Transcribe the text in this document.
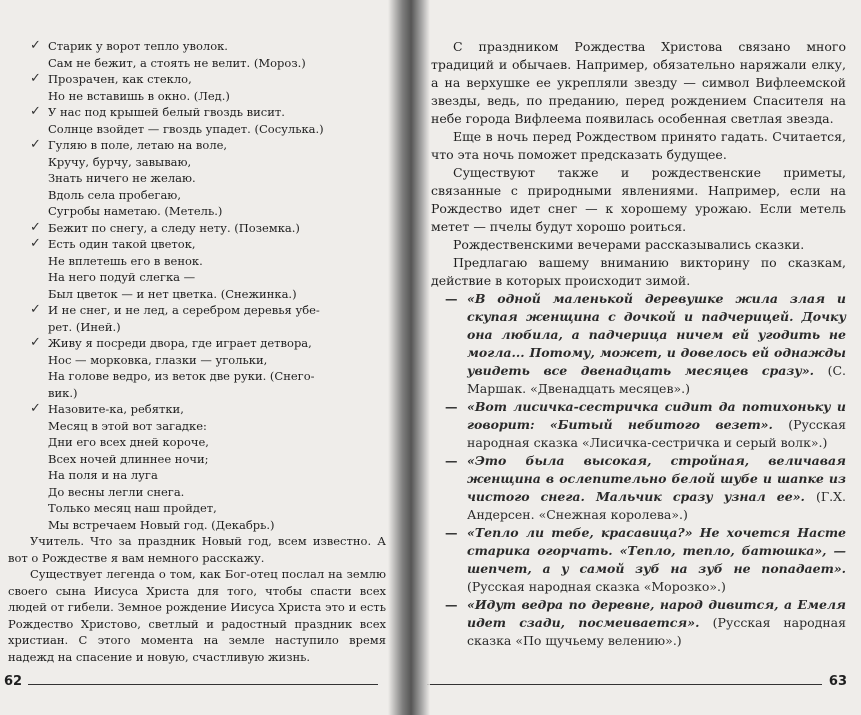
✓ Старик у ворот тепло уволок.
Сам не бежит, а стоять не велит. (Мороз.)
✓ Прозрачен, как стекло,
Но не вставишь в окно. (Лед.)
✓ У нас под крышей белый гвоздь висит.
Солнце взойдет — гвоздь упадет. (Сосулька.)
✓ Гуляю в поле, летаю на воле,
Кручу, бурчу, завываю,
Знать ничего не желаю.
Вдоль села пробегаю,
Сугробы наметаю. (Метель.)
✓ Бежит по снегу, а следу нету. (Поземка.)
✓ Есть один такой цветок,
Не вплетешь его в венок.
На него подуй слегка —
Был цветок — и нет цветка. (Снежинка.)
✓ И не снег, и не лед, а серебром деревья убе-
рет. (Иней.)
✓ Живу я посреди двора, где играет детвора,
Нос — морковка, глазки — угольки,
На голове ведро, из веток две руки. (Снего-
вик.)
✓ Назовите-ка, ребятки,
Месяц в этой вот загадке:
Дни его всех дней короче,
Всех ночей длиннее ночи;
На поля и на луга
До весны легли снега.
Только месяц наш пройдет,
Мы встречаем Новый год. (Декабрь.)
Учитель. Что за праздник Новый год, всем известно. А вот о Рождестве я вам немного расскажу.
Существует легенда о том, как Бог-отец послал на землю своего сына Иисуса Христа для того, чтобы спасти всех людей от гибели. Земное рождение Иисуса Христа это и есть Рождество Христово, светлый и радостный праздник всех христиан. С этого момента на земле наступило время надежд на спасение и новую, счастливую жизнь.
62
С праздником Рождества Христова связано много традиций и обычаев. Например, обязательно наряжали елку, а на верхушке ее укрепляли звезду — символ Вифлеемской звезды, ведь, по преданию, перед рождением Спасителя на небе города Вифлеема появилась особенная светлая звезда.
Еще в ночь перед Рождеством принято гадать. Считается, что эта ночь поможет предсказать будущее.
Существуют также и рождественские приметы, связанные с природными явлениями. Например, если на Рождество идет снег — к хорошему урожаю. Если метель метет — пчелы будут хорошо роиться.
Рождественскими вечерами рассказывались сказки.
Предлагаю вашему вниманию викторину по сказкам, действие в которых происходит зимой.
— «В одной маленькой деревушке жила злая и скупая женщина с дочкой и падчерицей. Дочку она любила, а падчерица ничем ей угодить не могла... Потому, может, и довелось ей однажды увидеть все двенадцать месяцев сразу». (С. Маршак. «Двенадцать месяцев».)
— «Вот лисичка-сестричка сидит да потихоньку и говорит: «Битый небитого везет». (Русская народная сказка «Лисичка-сестричка и серый волк».)
— «Это была высокая, стройная, величавая женщина в ослепительно белой шубе и шапке из чистого снега. Мальчик сразу узнал ее». (Г.Х. Андерсен. «Снежная королева».)
— «Тепло ли тебе, красавица?» Не хочется Насте старика огорчать. «Тепло, тепло, батюшка», — шепчет, а у самой зуб на зуб не попадает». (Русская народная сказка «Морозко».)
— «Идут ведра по деревне, народ дивится, а Емеля идет сзади, посмеивается». (Русская народная сказка «По щучьему велению».)
63
